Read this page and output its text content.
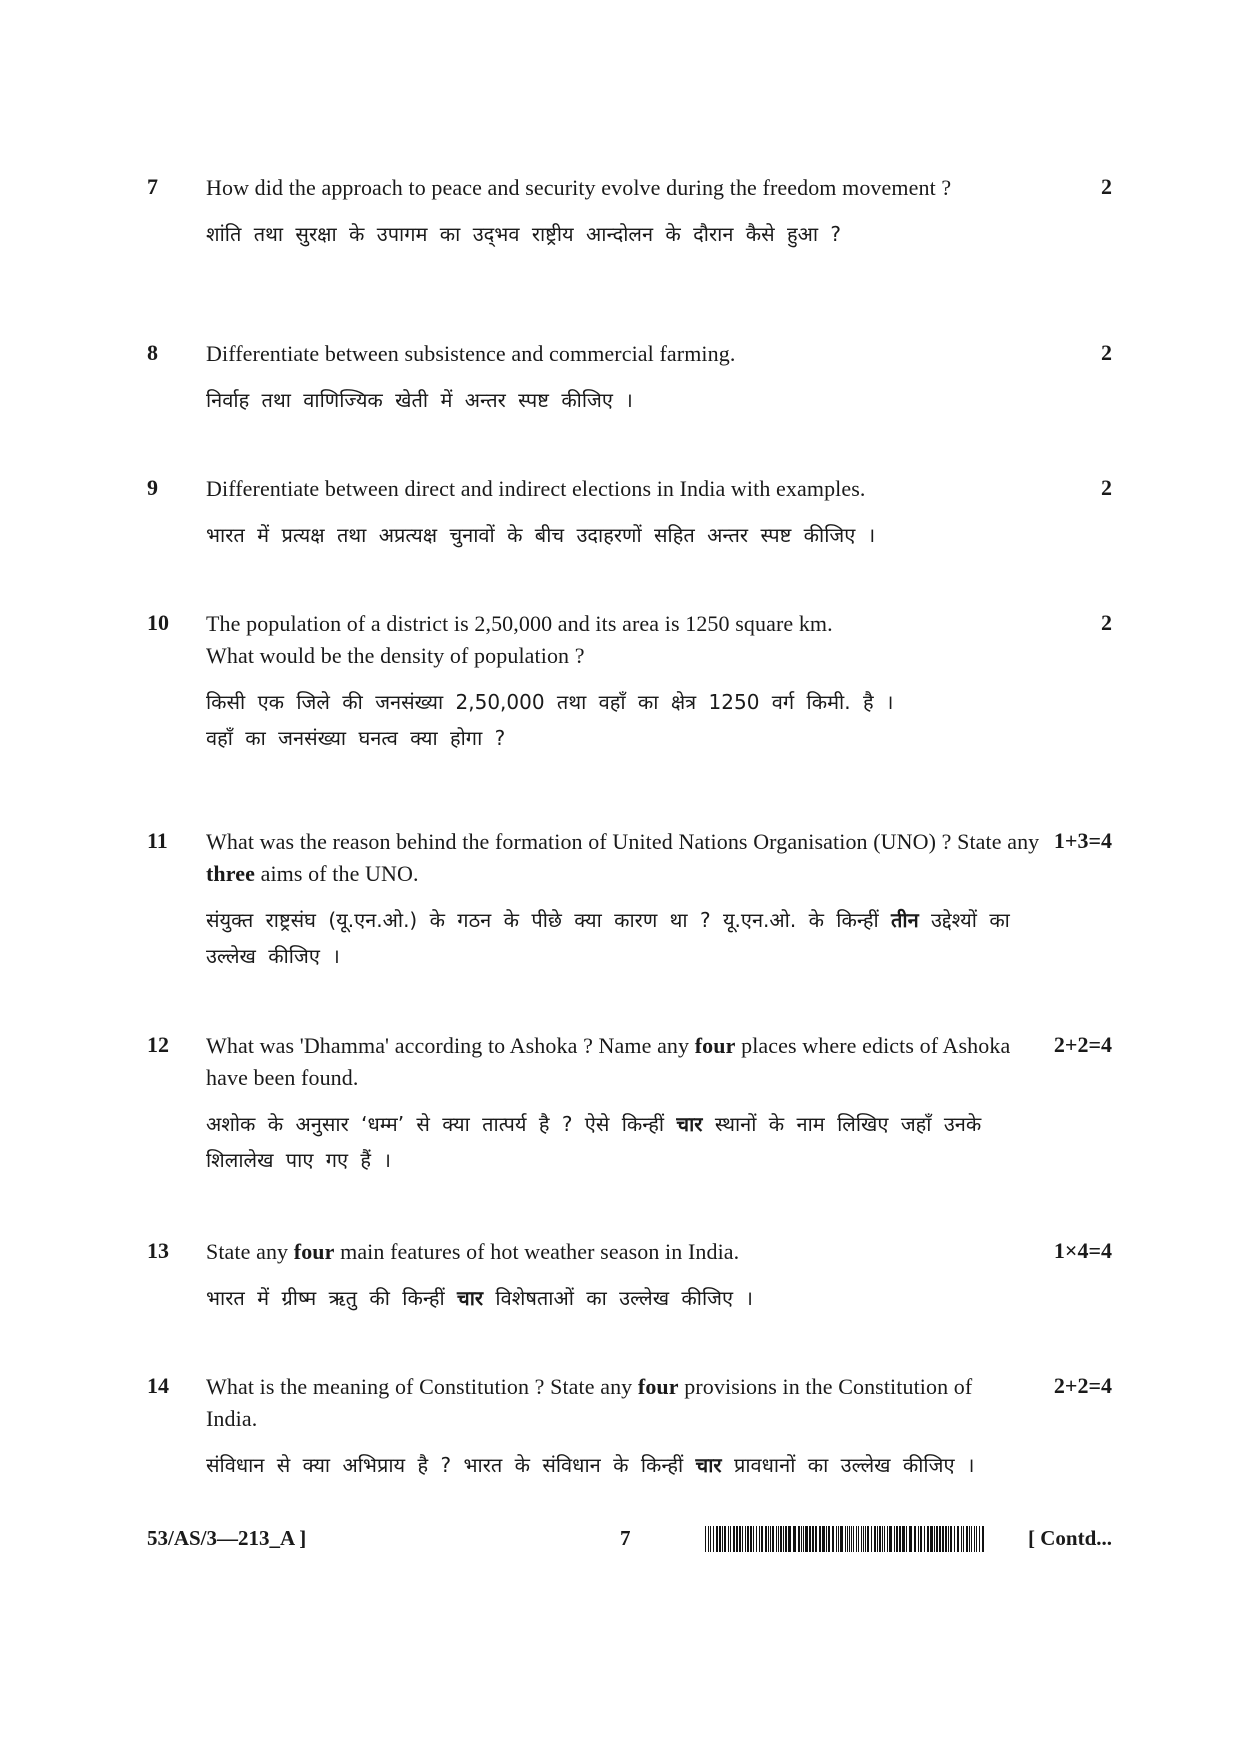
7 How did the approach to peace and security evolve during the freedom movement ?

शांति तथा सुरक्षा के उपागम का उद्‌भव राष्ट्रीय आन्दोलन के दौरान कैसे हुआ ?

2
8 Differentiate between subsistence and commercial farming.

निर्वाह तथा वाणिज्यिक खेती में अन्तर स्पष्ट कीजिए ।

2
9 Differentiate between direct and indirect elections in India with examples.

भारत में प्रत्यक्ष तथा अप्रत्यक्ष चुनावों के बीच उदाहरणों सहित अन्तर स्पष्ट कीजिए ।

2
10 The population of a district is 2,50,000 and its area is 1250 square km.
What would be the density of population ?

किसी एक जिले की जनसंख्या 2,50,000 तथा वहाँ का क्षेत्र 1250 वर्ग किमी. है ।
वहाँ का जनसंख्या घनत्व क्या होगा ?

2
11 What was the reason behind the formation of United Nations Organisation (UNO) ? State any three aims of the UNO.

संयुक्त राष्ट्रसंघ (यू.एन.ओ.) के गठन के पीछे क्या कारण था ? यू.एन.ओ. के किन्हीं तीन उद्देश्यों का उल्लेख कीजिए ।

1+3=4
12 What was 'Dhamma' according to Ashoka ? Name any four places where edicts of Ashoka have been found.

अशोक के अनुसार ‘धम्म’ से क्या तात्पर्य है ? ऐसे किन्हीं चार स्थानों के नाम लिखिए जहाँ उनके शिलालेख पाए गए हैं ।

2+2=4
13 State any four main features of hot weather season in India.

भारत में ग्रीष्म ऋतु की किन्हीं चार विशेषताओं का उल्लेख कीजिए ।

1×4=4
14 What is the meaning of Constitution ? State any four provisions in the Constitution of India.

संविधान से क्या अभिप्राय है ? भारत के संविधान के किन्हीं चार प्रावधानों का उल्लेख कीजिए ।

2+2=4
53/AS/3—213_A ]	7	[ Contd...
